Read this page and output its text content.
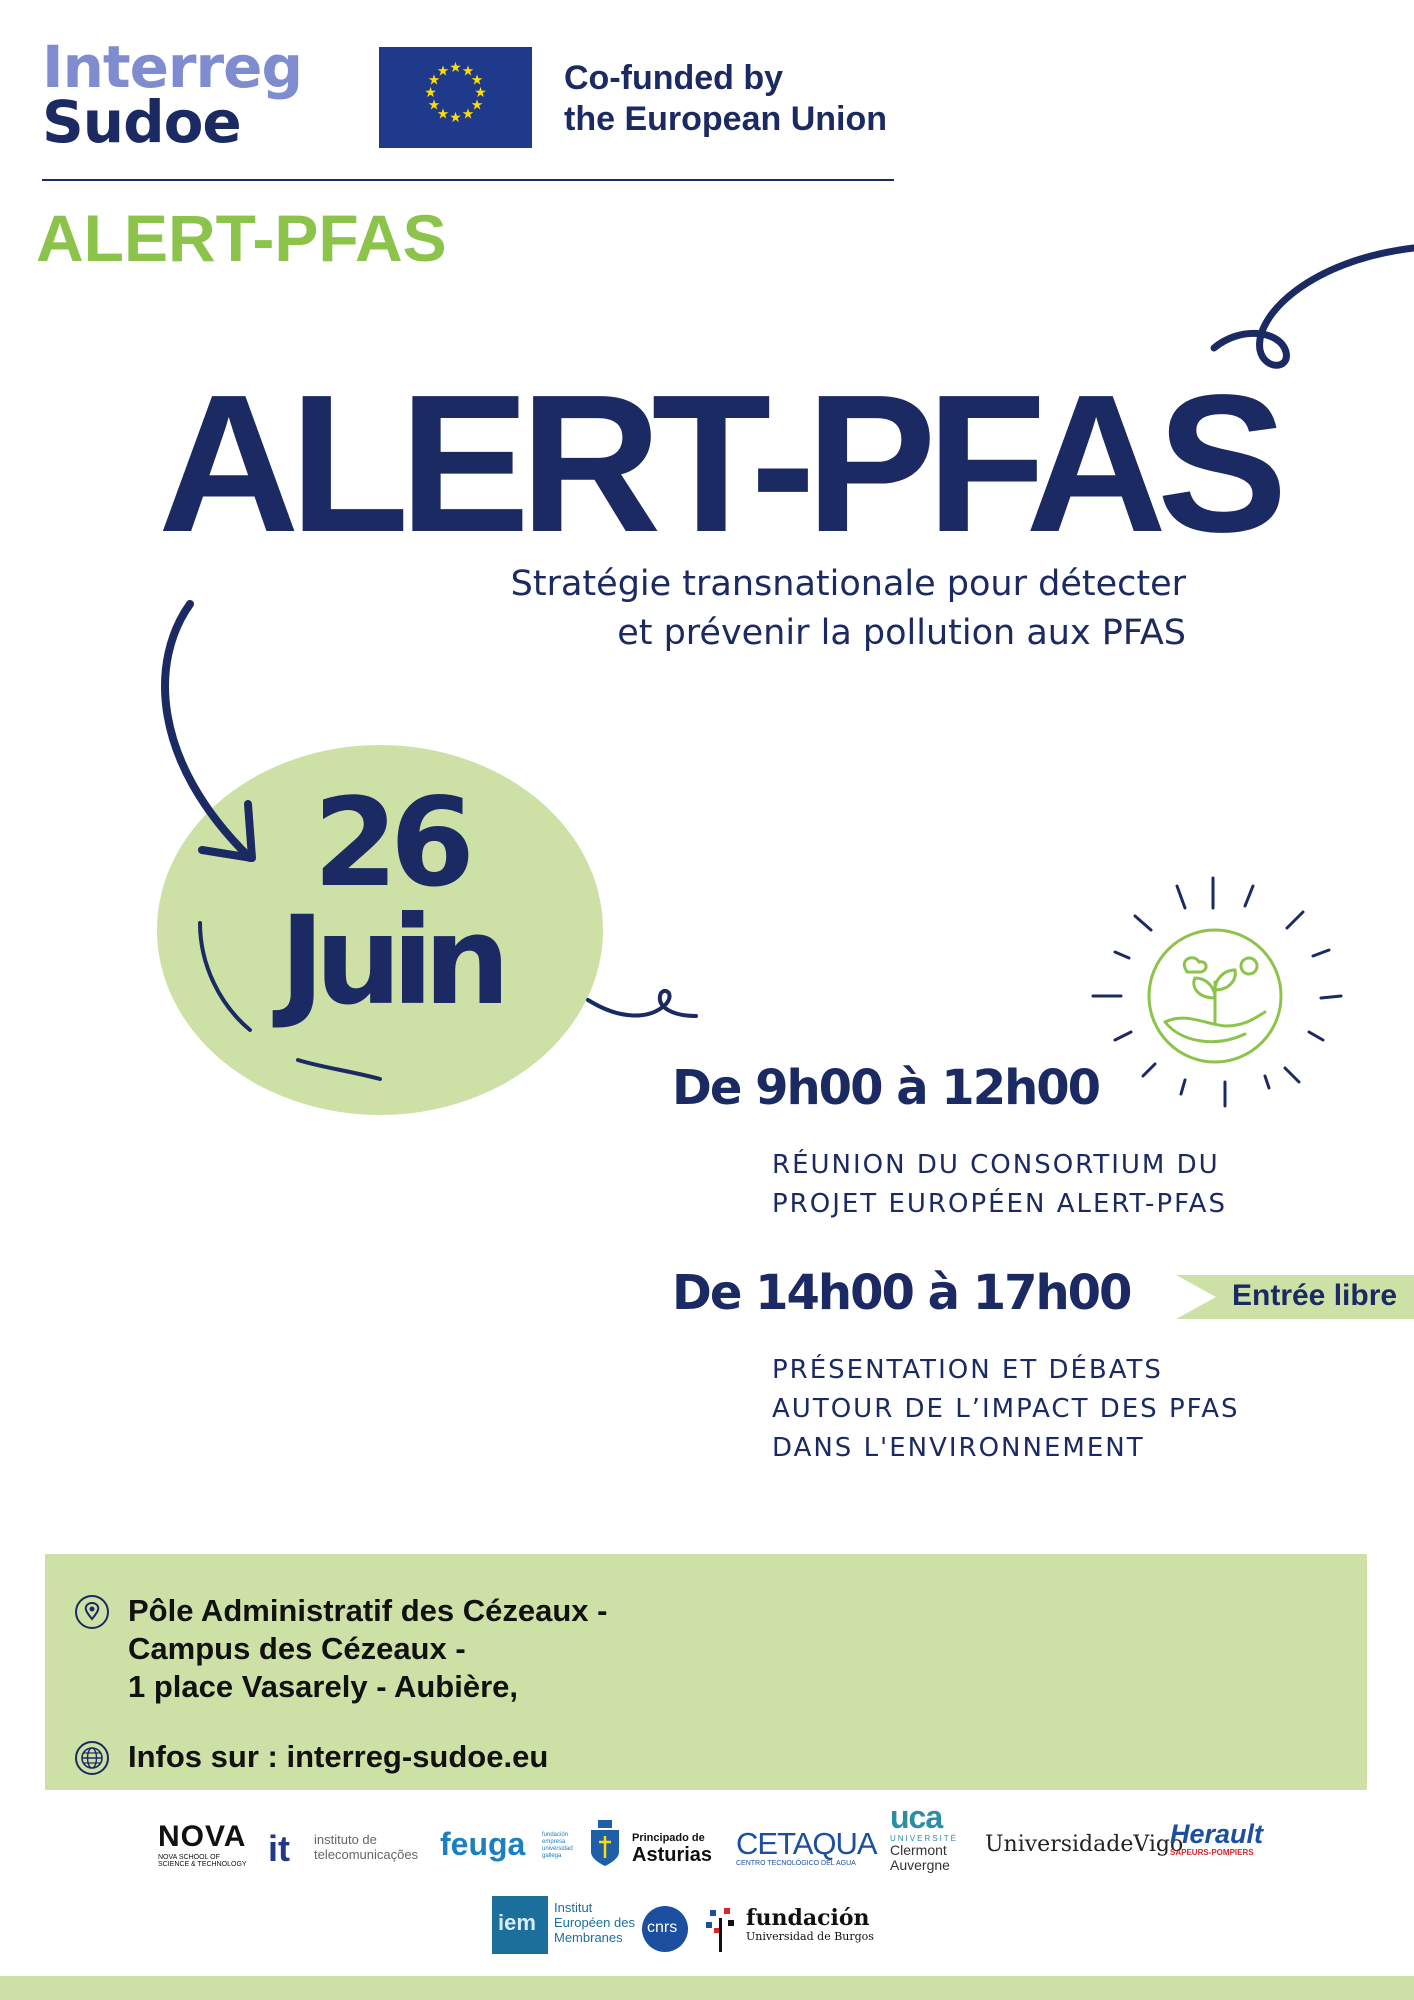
Interreg
Sudoe
★ ★
★
★
★
★
★
★
★
★
★
★	Co-funded by
the European Union
ALERT-PFAS
ALERT-PFAS
Stratégie transnationale pour détecter
et prévenir la pollution aux PFAS
26
Juin
De 9h00 à 12h00
RÉUNION DU CONSORTIUM DU
PROJET EUROPÉEN ALERT-PFAS
De 14h00 à 17h00	Entrée libre
PRÉSENTATION ET DÉBATS
AUTOUR DE L’IMPACT DES PFAS
DANS L'ENVIRONNEMENT
Pôle Administratif des Cézeaux -
Campus des Cézeaux -
1 place Vasarely - Aubière,
Infos sur : interreg-sudoe.eu
NOVA
NOVA SCHOOL OF
SCIENCE & TECHNOLOGY it instituto de
telecomunicações feuga	fundación
empresa
universidad
gallega
Principado de
Asturias CETAQUA
CENTRO TECNOLÓGICO DEL AGUA
uca
UNIVERSITÉ
Clermont
Auvergne
UniversidadeVigo
Herault
SAPEURS-POMPIERS
iem
Institut
Européen des
Membranes
cnrs	fundación
Universidad de Burgos
